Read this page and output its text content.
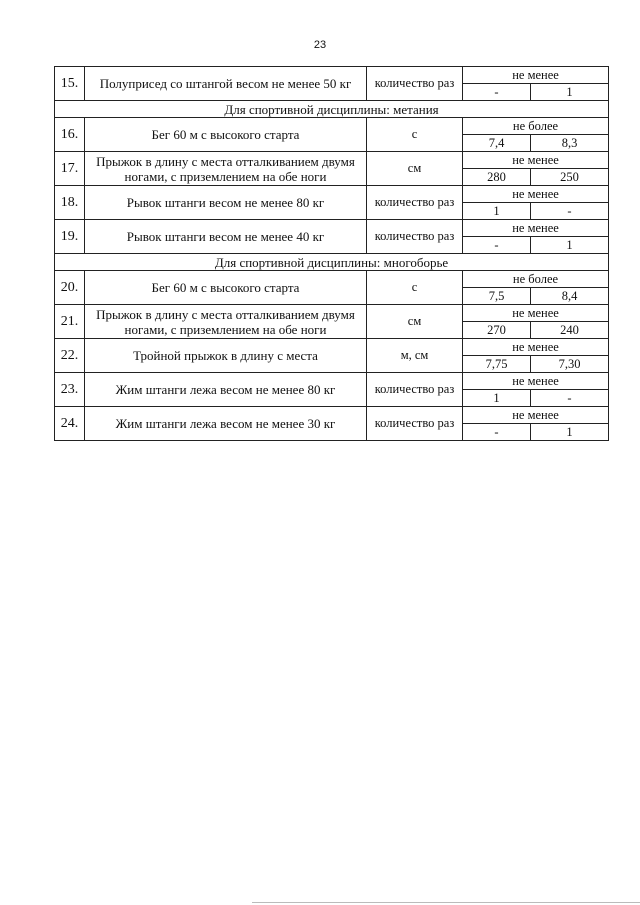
23
15.	Полуприсед со штангой весом не менее 50 кг	количество раз	не менее	
			-	1
Для спортивной дисциплины: метания				
16.	Бег 60 м с высокого старта	с	не более	
			7,4	8,3
17.	Прыжок в длину с места отталкиванием двумя ногами, с приземлением на обе ноги	см	не менее	
			280	250
18.	Рывок штанги весом не менее 80 кг	количество раз	не менее	
			1	-
19.	Рывок штанги весом не менее 40 кг	количество раз	не менее	
			-	1
Для спортивной дисциплины: многоборье				
20.	Бег 60 м с высокого старта	с	не более	
			7,5	8,4
21.	Прыжок в длину с места отталкиванием двумя ногами, с приземлением на обе ноги	см	не менее	
			270	240
22.	Тройной прыжок в длину с места	м, см	не менее	
			7,75	7,30
23.	Жим штанги лежа весом не менее 80 кг	количество раз	не менее	
			1	-
24.	Жим штанги лежа весом не менее 30 кг	количество раз	не менее	
			-	1
